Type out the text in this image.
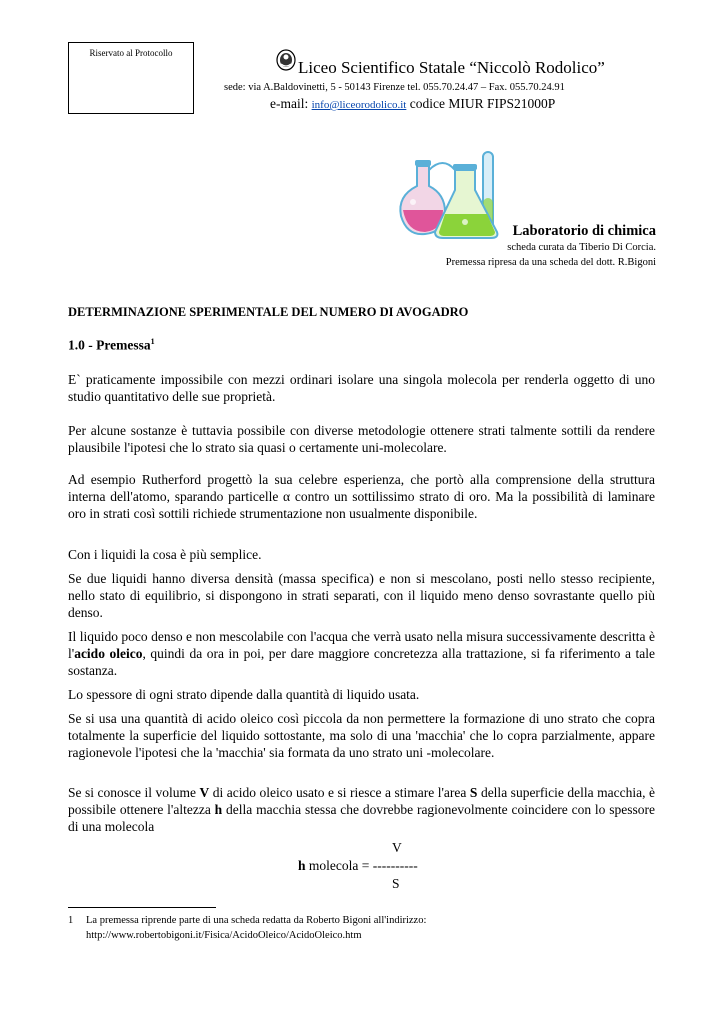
Riservato al Protocollo
Liceo Scientifico Statale “Niccolò Rodolico”
sede: via A.Baldovinetti, 5 - 50143 Firenze tel. 055.70.24.47 – Fax. 055.70.24.91
e-mail: info@liceorodolico.it codice MIUR FIPS21000P
Laboratorio di chimica
scheda curata da Tiberio Di Corcia.
Premessa ripresa da una scheda del dott. R.Bigoni
DETERMINAZIONE SPERIMENTALE DEL NUMERO DI AVOGADRO
1.0 - Premessa$^1$
E` praticamente impossibile con mezzi ordinari isolare una singola molecola per renderla oggetto di uno studio quantitativo delle sue proprietà.
Per alcune sostanze è tuttavia possibile con diverse metodologie ottenere strati talmente sottili da rendere plausibile l'ipotesi che lo strato sia quasi o certamente uni-molecolare.
Ad esempio Rutherford progettò la sua celebre esperienza, che portò alla comprensione della struttura interna dell'atomo, sparando particelle α contro un sottilissimo strato di oro. Ma la possibilità di laminare oro in strati così sottili richiede strumentazione non usualmente disponibile.
Con i liquidi la cosa è più semplice.
Se due liquidi hanno diversa densità (massa specifica) e non si mescolano, posti nello stesso recipiente, nello stato di equilibrio, si dispongono in strati separati, con il liquido meno denso sovrastante quello più denso.
Il liquido poco denso e non mescolabile con l'acqua che verrà usato nella misura successivamente descritta è l'acido oleico, quindi da ora in poi, per dare maggiore concretezza alla trattazione, si fa riferimento a tale sostanza.
Lo spessore di ogni strato dipende dalla quantità di liquido usata.
Se si usa una quantità di acido oleico così piccola da non permettere la formazione di uno strato che copra totalmente la superficie del liquido sottostante, ma solo di una 'macchia' che lo copra parzialmente, appare ragionevole l'ipotesi che la 'macchia' sia formata da uno strato uni -molecolare.
Se si conosce il volume V di acido oleico usato e si riesce a stimare l'area S della superficie della macchia, è possibile ottenere l'altezza h della macchia stessa che dovrebbe ragionevolmente coincidere con lo spessore di una molecola
V
h molecola = ----------
S
1 La premessa riprende parte di una scheda redatta da Roberto Bigoni all'indirizzo:
http://www.robertobigoni.it/Fisica/AcidoOleico/AcidoOleico.htm
